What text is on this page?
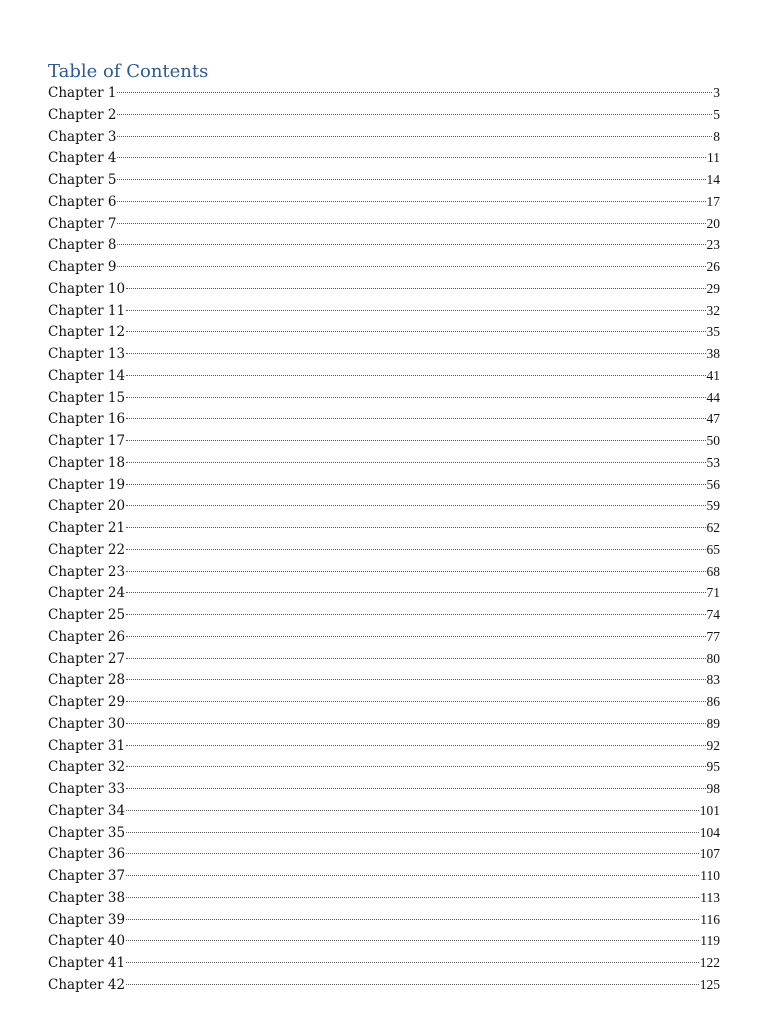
Table of Contents
Chapter 1	3
Chapter 2	5
Chapter 3	8
Chapter 4	11
Chapter 5	14
Chapter 6	17
Chapter 7	20
Chapter 8	23
Chapter 9	26
Chapter 10	29
Chapter 11	32
Chapter 12	35
Chapter 13	38
Chapter 14	41
Chapter 15	44
Chapter 16	47
Chapter 17	50
Chapter 18	53
Chapter 19	56
Chapter 20	59
Chapter 21	62
Chapter 22	65
Chapter 23	68
Chapter 24	71
Chapter 25	74
Chapter 26	77
Chapter 27	80
Chapter 28	83
Chapter 29	86
Chapter 30	89
Chapter 31	92
Chapter 32	95
Chapter 33	98
Chapter 34	101
Chapter 35	104
Chapter 36	107
Chapter 37	110
Chapter 38	113
Chapter 39	116
Chapter 40	119
Chapter 41	122
Chapter 42	125
